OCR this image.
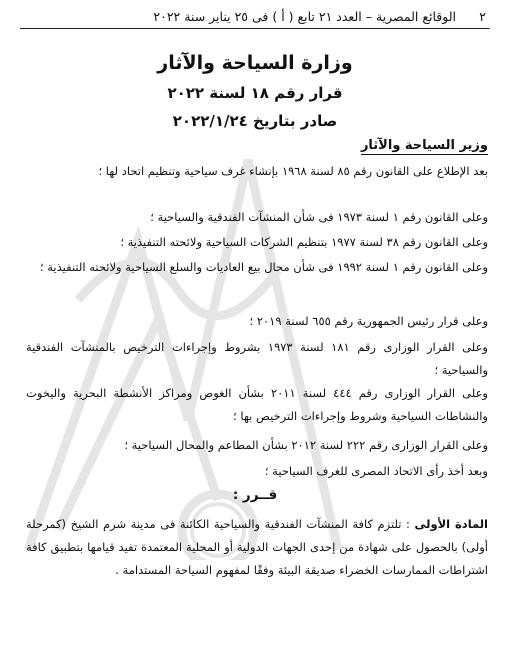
٢
الوقائع المصرية – العدد ٢١ تابع ( أ ) فى ٢٥ يناير سنة ٢٠٢٢
وزارة السياحة والآثار
قرار رقم ١٨ لسنة ٢٠٢٢
صادر بتاريخ ٢٠٢٢/١/٢٤
وزير السياحة والآثار
بعد الإطلاع على القانون رقم ٨٥ لسنة ١٩٦٨ بإنشاء غرف سياحية وتنظيم اتحاد لها ؛
وعلى القانون رقم ١ لسنة ١٩٧٣ فى شأن المنشآت الفندقية والسياحية ؛
وعلى القانون رقم ٣٨ لسنة ١٩٧٧ بتنظيم الشركات السياحية ولائحته التنفيذية ؛
وعلى القانون رقم ١ لسنة ١٩٩٢ فى شأن محال بيع العاديات والسلع السياحية ولائحته التنفيذية ؛
وعلى قرار رئيس الجمهورية رقم ٦٥٥ لسنة ٢٠١٩ ؛
وعلى القرار الوزارى رقم ١٨١ لسنة ١٩٧٣ بشروط وإجراءات الترخيص بالمنشآت الفندقية والسياحية ؛
وعلى القرار الوزارى رقم ٤٤٤ لسنة ٢٠١١ بشأن الغوص ومراكز الأنشطة البحرية واليخوت والنشاطات السياحية وشروط وإجراءات الترخيص بها ؛
وعلى القرار الوزارى رقم ٢٢٢ لسنة ٢٠١٢ بشأن المطاعم والمحال السياحية ؛
وبعد أخذ رأى الاتحاد المصرى للغرف السياحية ؛
قــرر :
المادة الأولى : تلتزم كافة المنشآت الفندقية والسياحية الكائنة فى مدينة شرم الشيخ (كمرحلة أولى) بالحصول على شهادة من إحدى الجهات الدولية أو المحلية المعتمدة تفيد قيامها بتطبيق كافة اشتراطات الممارسات الخضراء صديقة البيئة وفقًا لمفهوم السياحة المستدامة .
